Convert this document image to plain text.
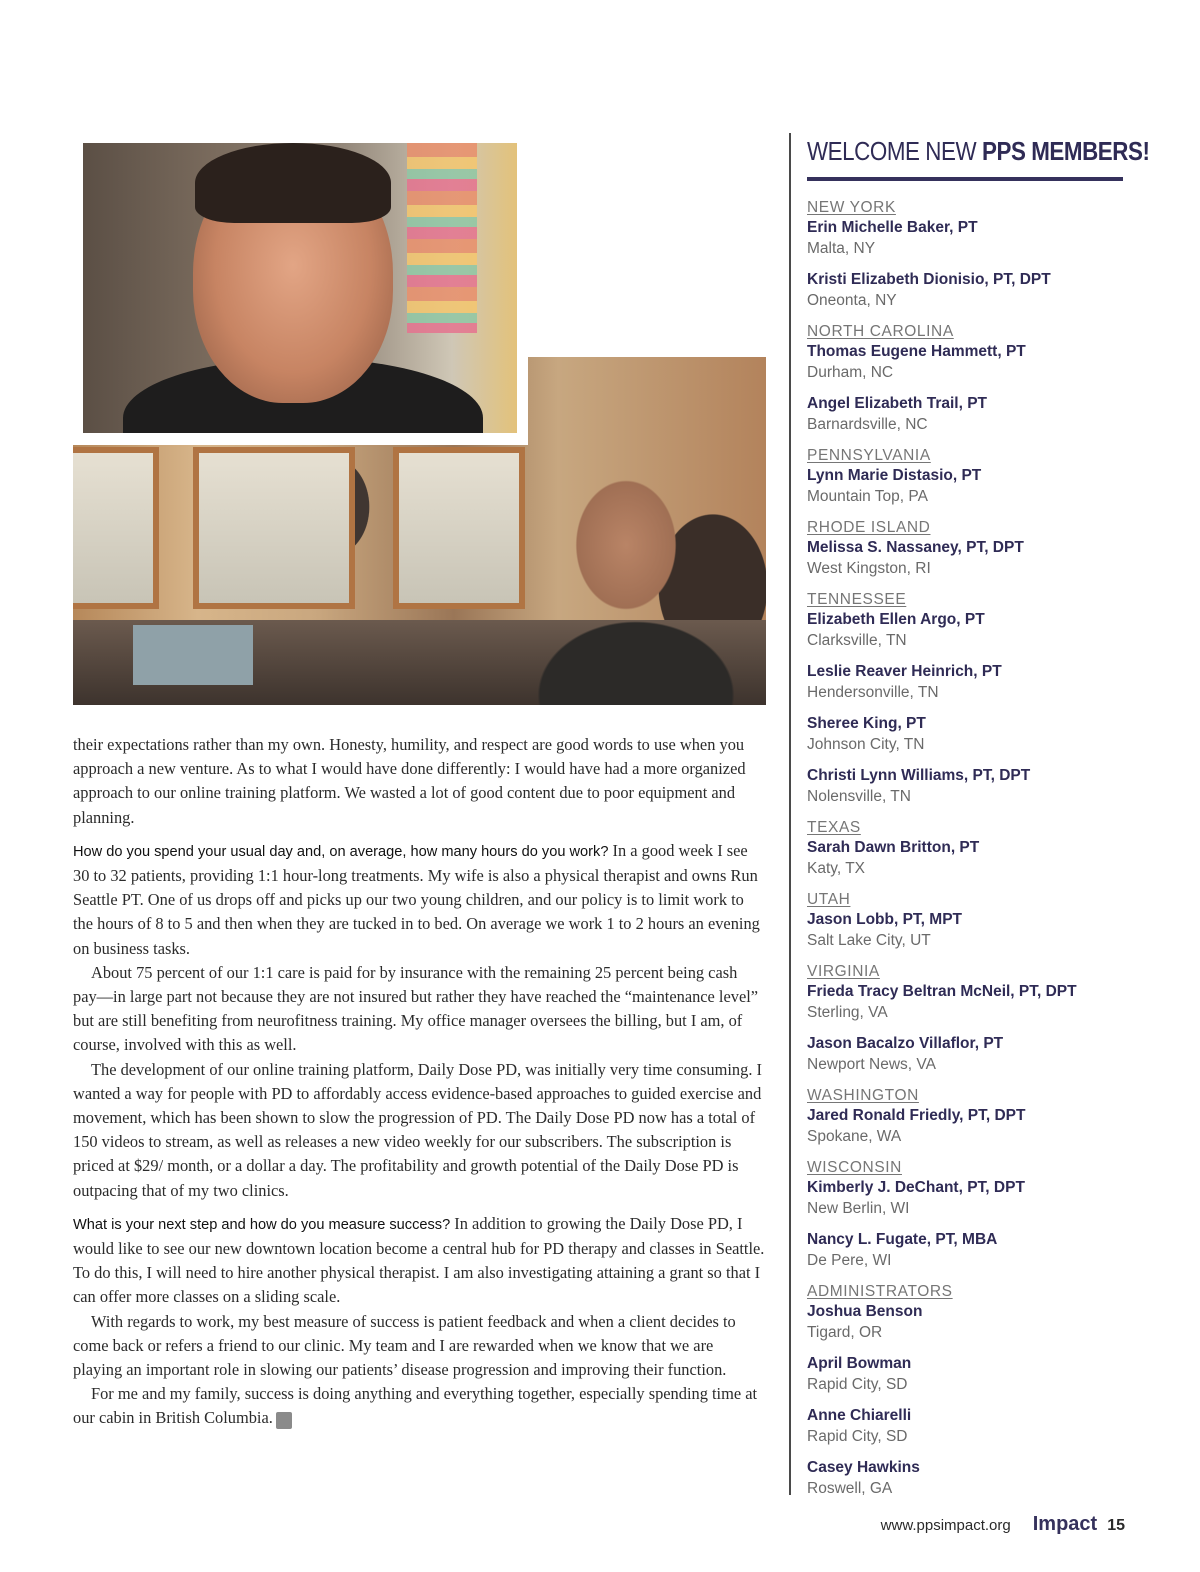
their expectations rather than my own. Honesty, humility, and respect are good words to use when you approach a new venture. As to what I would have done differently: I would have had a more organized approach to our online training platform. We wasted a lot of good content due to poor equipment and planning.

How do you spend your usual day and, on average, how many hours do you work? In a good week I see 30 to 32 patients, providing 1:1 hour-long treatments. My wife is also a physical therapist and owns Run Seattle PT. One of us drops off and picks up our two young children, and our policy is to limit work to the hours of 8 to 5 and then when they are tucked in to bed. On average we work 1 to 2 hours an evening on business tasks.

About 75 percent of our 1:1 care is paid for by insurance with the remaining 25 percent being cash pay—in large part not because they are not insured but rather they have reached the “maintenance level” but are still benefiting from neurofitness training. My office manager oversees the billing, but I am, of course, involved with this as well.

The development of our online training platform, Daily Dose PD, was initially very time consuming. I wanted a way for people with PD to affordably access evidence-based approaches to guided exercise and movement, which has been shown to slow the progression of PD. The Daily Dose PD now has a total of 150 videos to stream, as well as releases a new video weekly for our subscribers. The subscription is priced at $29/ month, or a dollar a day. The profitability and growth potential of the Daily Dose PD is outpacing that of my two clinics.

What is your next step and how do you measure success? In addition to growing the Daily Dose PD, I would like to see our new downtown location become a central hub for PD therapy and classes in Seattle. To do this, I will need to hire another physical therapist. I am also investigating attaining a grant so that I can offer more classes on a sliding scale.

With regards to work, my best measure of success is patient feedback and when a client decides to come back or refers a friend to our clinic. My team and I are rewarded when we know that we are playing an important role in slowing our patients’ disease progression and improving their function.

For me and my family, success is doing anything and everything together, especially spending time at our cabin in British Columbia. I

WELCOME NEW PPS MEMBERS!
NEW YORK
Erin Michelle Baker, PT
Malta, NY
Kristi Elizabeth Dionisio, PT, DPT
Oneonta, NY
NORTH CAROLINA
Thomas Eugene Hammett, PT
Durham, NC
Angel Elizabeth Trail, PT
Barnardsville, NC
PENNSYLVANIA
Lynn Marie Distasio, PT
Mountain Top, PA
RHODE ISLAND
Melissa S. Nassaney, PT, DPT
West Kingston, RI
TENNESSEE
Elizabeth Ellen Argo, PT
Clarksville, TN
Leslie Reaver Heinrich, PT
Hendersonville, TN
Sheree King, PT
Johnson City, TN
Christi Lynn Williams, PT, DPT
Nolensville, TN
TEXAS
Sarah Dawn Britton, PT
Katy, TX
UTAH
Jason Lobb, PT, MPT
Salt Lake City, UT
VIRGINIA
Frieda Tracy Beltran McNeil, PT, DPT
Sterling, VA
Jason Bacalzo Villaflor, PT
Newport News, VA
WASHINGTON
Jared Ronald Friedly, PT, DPT
Spokane, WA
WISCONSIN
Kimberly J. DeChant, PT, DPT
New Berlin, WI
Nancy L. Fugate, PT, MBA
De Pere, WI
ADMINISTRATORS
Joshua Benson
Tigard, OR
April Bowman
Rapid City, SD
Anne Chiarelli
Rapid City, SD
Casey Hawkins
Roswell, GA
www.ppsimpact.org Impact 15
